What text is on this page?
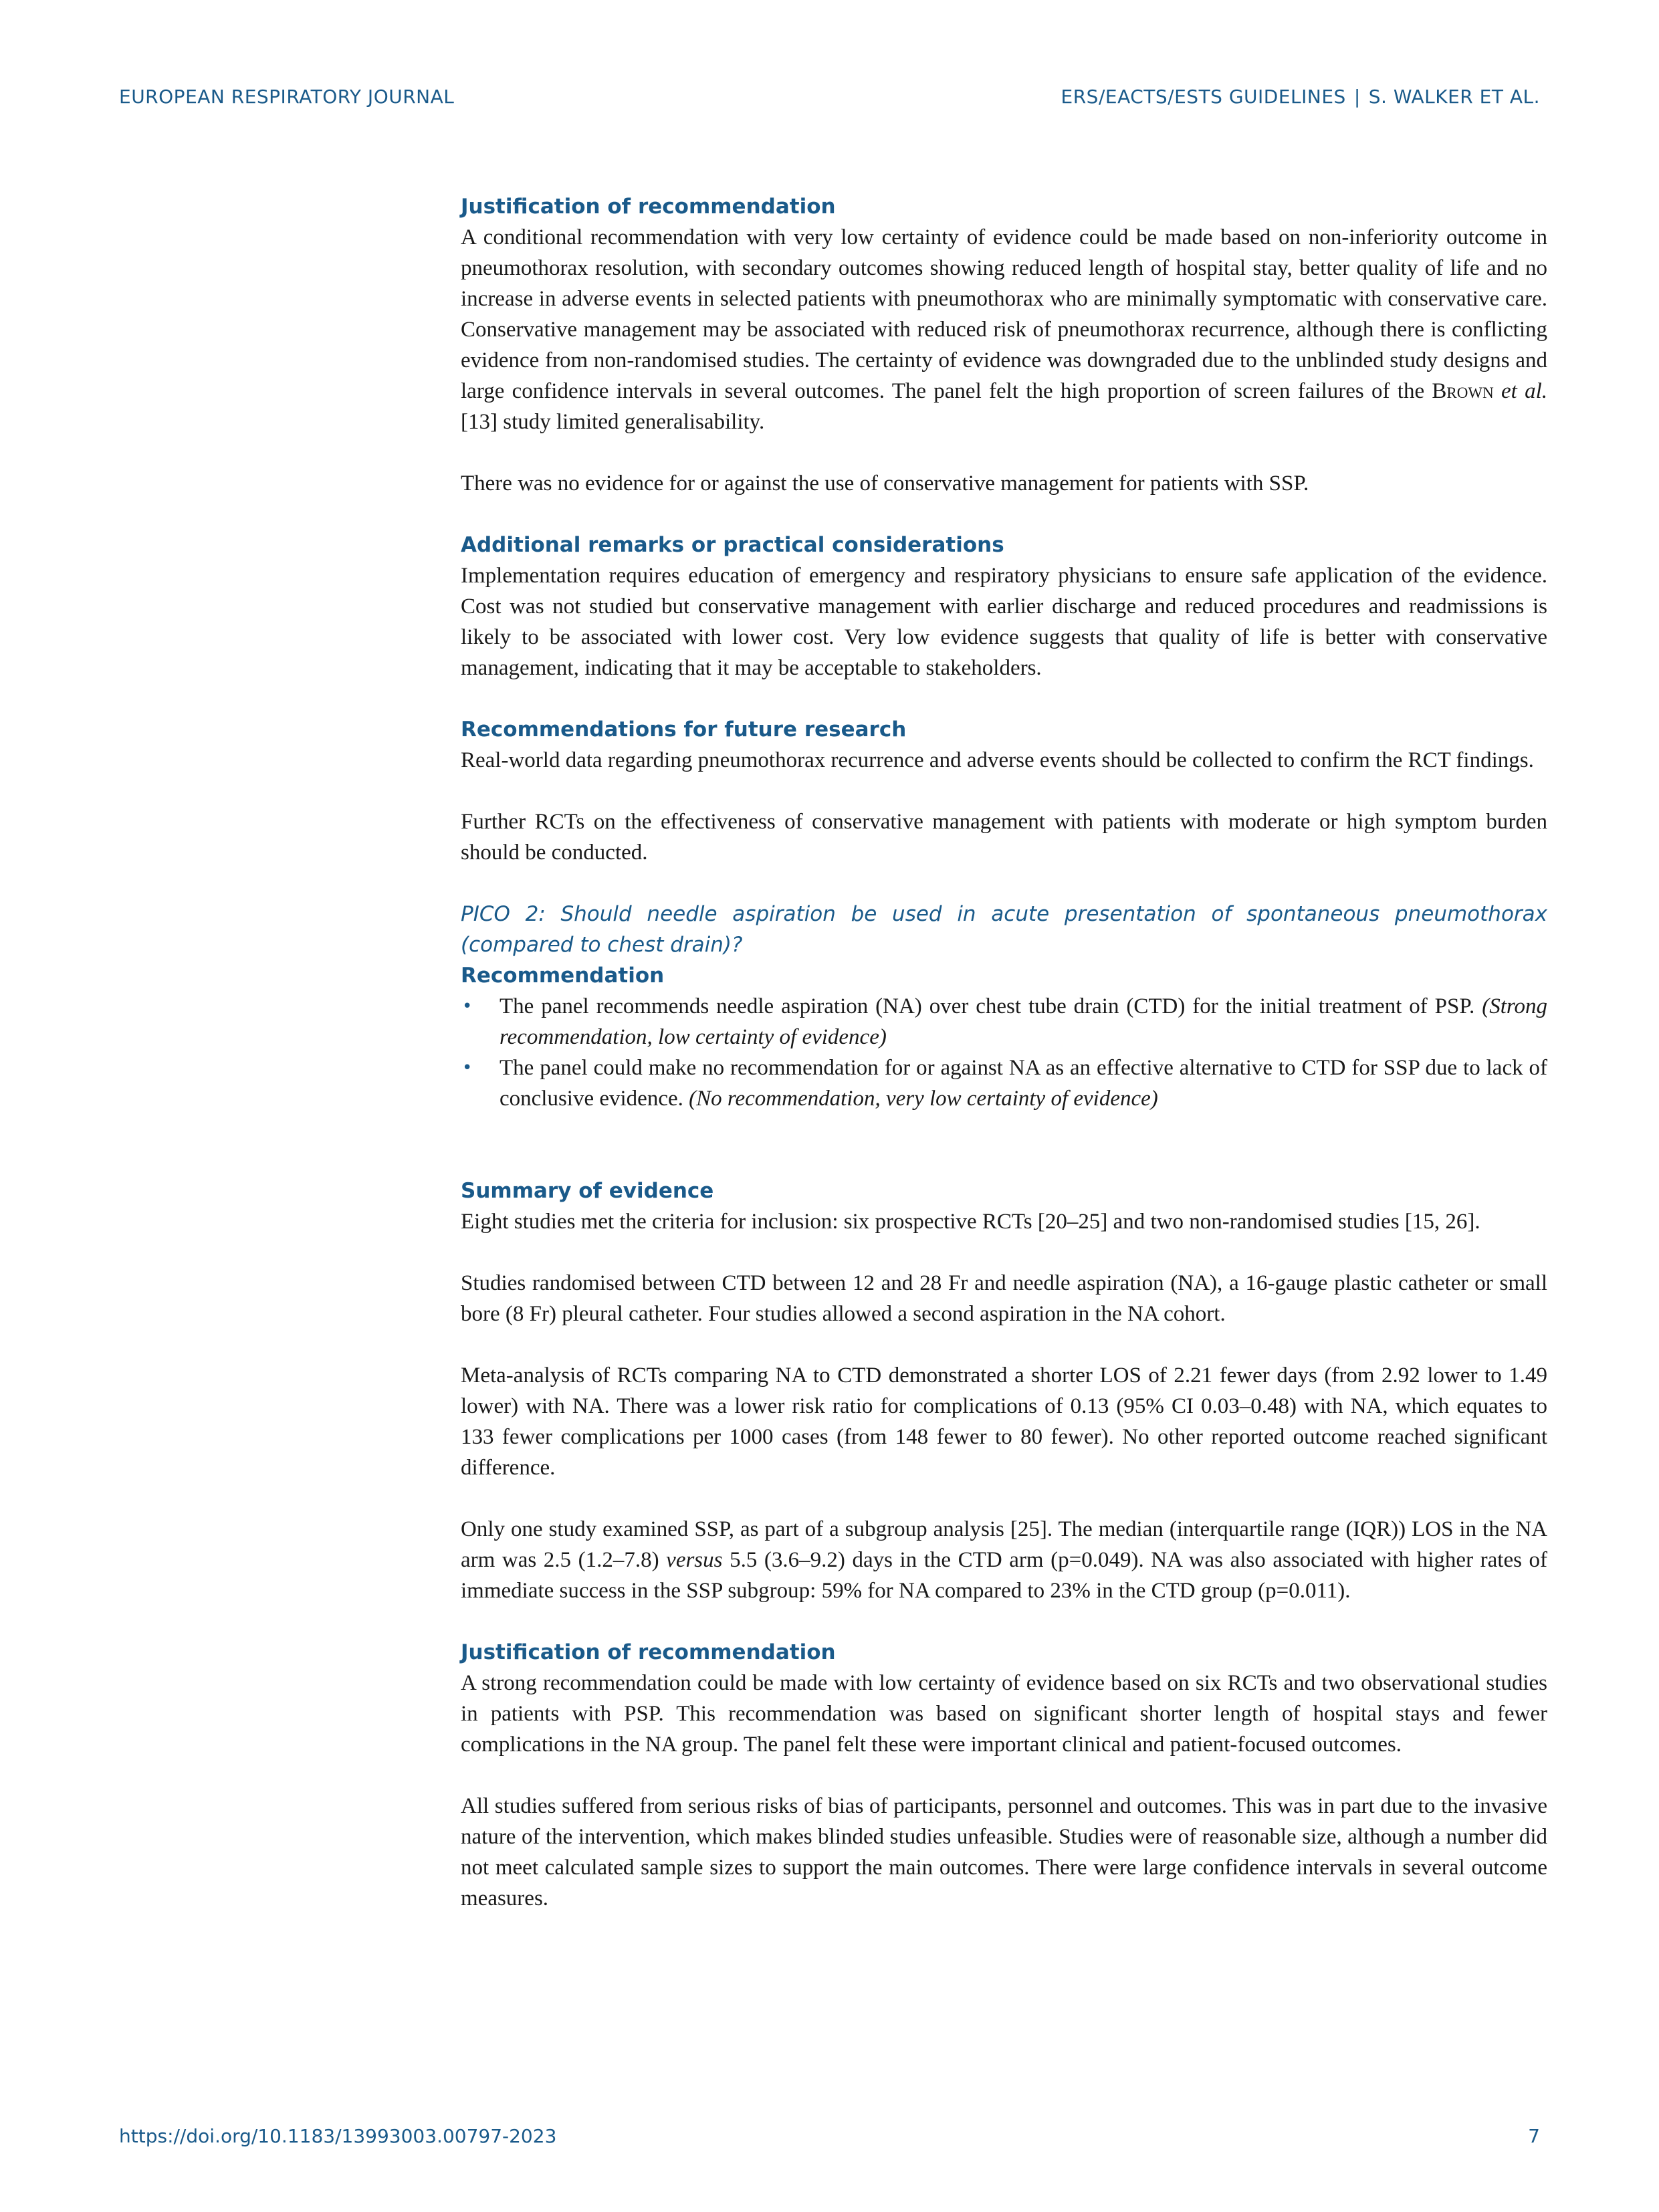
EUROPEAN RESPIRATORY JOURNAL	ERS/EACTS/ESTS GUIDELINES | S. WALKER ET AL.
Justification of recommendation

A conditional recommendation with very low certainty of evidence could be made based on non-inferiority outcome in pneumothorax resolution, with secondary outcomes showing reduced length of hospital stay, better quality of life and no increase in adverse events in selected patients with pneumothorax who are minimally symptomatic with conservative care. Conservative management may be associated with reduced risk of pneumothorax recurrence, although there is conflicting evidence from non-randomised studies. The certainty of evidence was downgraded due to the unblinded study designs and large confidence intervals in several outcomes. The panel felt the high proportion of screen failures of the Brown et al. [13] study limited generalisability.

There was no evidence for or against the use of conservative management for patients with SSP.

Additional remarks or practical considerations

Implementation requires education of emergency and respiratory physicians to ensure safe application of the evidence. Cost was not studied but conservative management with earlier discharge and reduced procedures and readmissions is likely to be associated with lower cost. Very low evidence suggests that quality of life is better with conservative management, indicating that it may be acceptable to stakeholders.

Recommendations for future research

Real-world data regarding pneumothorax recurrence and adverse events should be collected to confirm the RCT findings.

Further RCTs on the effectiveness of conservative management with patients with moderate or high symptom burden should be conducted.

PICO 2: Should needle aspiration be used in acute presentation of spontaneous pneumothorax (compared to chest drain)?

Recommendation
• The panel recommends needle aspiration (NA) over chest tube drain (CTD) for the initial treatment of PSP. (Strong recommendation, low certainty of evidence)
• The panel could make no recommendation for or against NA as an effective alternative to CTD for SSP due to lack of conclusive evidence. (No recommendation, very low certainty of evidence)
Summary of evidence

Eight studies met the criteria for inclusion: six prospective RCTs [20–25] and two non-randomised studies [15, 26].

Studies randomised between CTD between 12 and 28 Fr and needle aspiration (NA), a 16-gauge plastic catheter or small bore (8 Fr) pleural catheter. Four studies allowed a second aspiration in the NA cohort.

Meta-analysis of RCTs comparing NA to CTD demonstrated a shorter LOS of 2.21 fewer days (from 2.92 lower to 1.49 lower) with NA. There was a lower risk ratio for complications of 0.13 (95% CI 0.03–0.48) with NA, which equates to 133 fewer complications per 1000 cases (from 148 fewer to 80 fewer). No other reported outcome reached significant difference.

Only one study examined SSP, as part of a subgroup analysis [25]. The median (interquartile range (IQR)) LOS in the NA arm was 2.5 (1.2–7.8) versus 5.5 (3.6–9.2) days in the CTD arm (p=0.049). NA was also associated with higher rates of immediate success in the SSP subgroup: 59% for NA compared to 23% in the CTD group (p=0.011).

Justification of recommendation

A strong recommendation could be made with low certainty of evidence based on six RCTs and two observational studies in patients with PSP. This recommendation was based on significant shorter length of hospital stays and fewer complications in the NA group. The panel felt these were important clinical and patient-focused outcomes.

All studies suffered from serious risks of bias of participants, personnel and outcomes. This was in part due to the invasive nature of the intervention, which makes blinded studies unfeasible. Studies were of reasonable size, although a number did not meet calculated sample sizes to support the main outcomes. There were large confidence intervals in several outcome measures.

https://doi.org/10.1183/13993003.00797-2023	7
